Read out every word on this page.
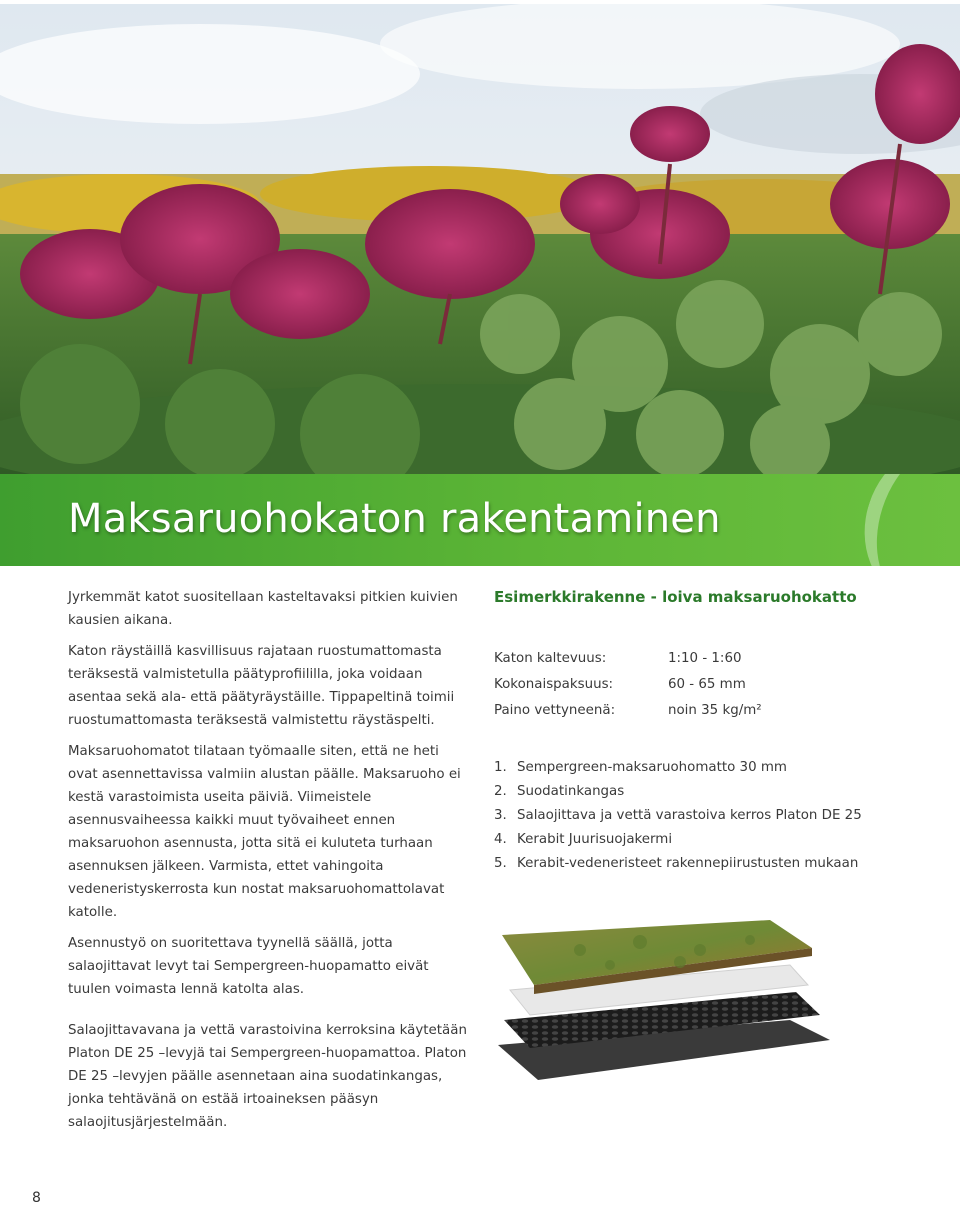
Maksaruohokaton rakentaminen

Jyrkemmät katot suositellaan kasteltavaksi pitkien kuivien kausien aikana.

Katon räystäillä kasvillisuus rajataan ruostumattomasta teräksestä valmistetulla päätyprofiililla, joka voidaan asentaa sekä ala- että päätyräystäille. Tippapeltinä toimii ruostumattomasta teräksestä valmistettu räystäspelti.

Maksaruohomatot tilataan työmaalle siten, että ne heti ovat asennettavissa valmiin alustan päälle. Maksaruoho ei kestä varastoimista useita päiviä. Viimeistele asennusvaiheessa kaikki muut työvaiheet ennen maksaruohon asennusta, jotta sitä ei kuluteta turhaan asennuksen jälkeen. Varmista, ettet vahingoita vedeneristyskerrosta kun nostat maksaruohomattolavat katolle.

Asennustyö on suoritettava tyynellä säällä, jotta salaojittavat levyt tai Sempergreen-huopamatto eivät tuulen voimasta lennä katolta alas.

Salaojittavavana ja vettä varastoivina kerroksina käytetään Platon DE 25 –levyjä tai Sempergreen-huopamattoa. Platon DE 25 –levyjen päälle asennetaan aina suodatinkangas, jonka tehtävänä on estää irtoaineksen pääsyn salaojitusjärjestelmään.

Esimerkkirakenne - loiva maksaruohokatto
Katon kaltevuus:	1:10 - 1:60
Kokonaispaksuus:	60 - 65 mm
Paino vettyneenä:	noin 35 kg/m²
1. Sempergreen-maksaruohomatto 30 mm
2. Suodatinkangas
3. Salaojittava ja vettä varastoiva kerros Platon DE 25
4. Kerabit Juurisuojakermi
5. Kerabit-vedeneristeet rakennepiirustusten mukaan
8
